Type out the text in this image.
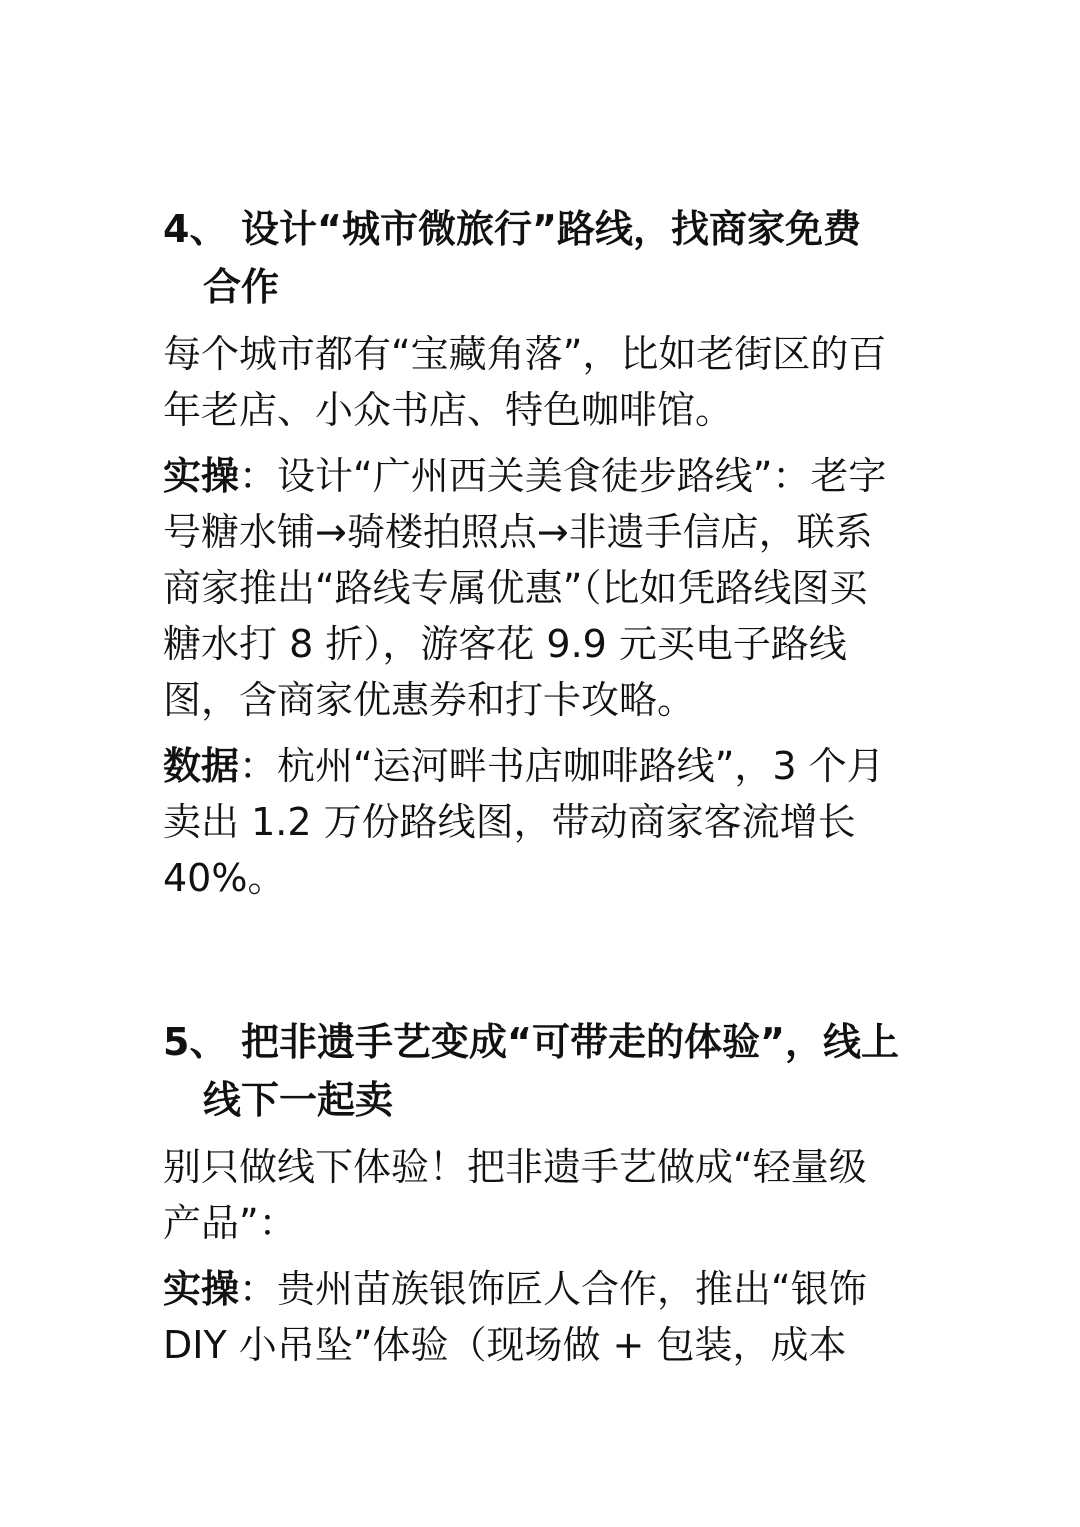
4、 设计“城市微旅行”路线，找商家免费
合作
每个城市都有“宝藏角落”，比如老街区的百
年老店、小众书店、特色咖啡馆。
实操：设计“广州西关美食徒步路线”：老字
号糖水铺→骑楼拍照点→非遗手信店，联系
商家推出“路线专属优惠”（比如凭路线图买
糖水打 8 折），游客花 9.9 元买电子路线
图，含商家优惠券和打卡攻略。
数据：杭州“运河畔书店咖啡路线”，3 个月
卖出 1.2 万份路线图，带动商家客流增长
40%。
5、 把非遗手艺变成“可带走的体验”，线上
线下一起卖
别只做线下体验！把非遗手艺做成“轻量级
产品”：
实操：贵州苗族银饰匠人合作，推出“银饰
DIY 小吊坠”体验（现场做 + 包装，成本
